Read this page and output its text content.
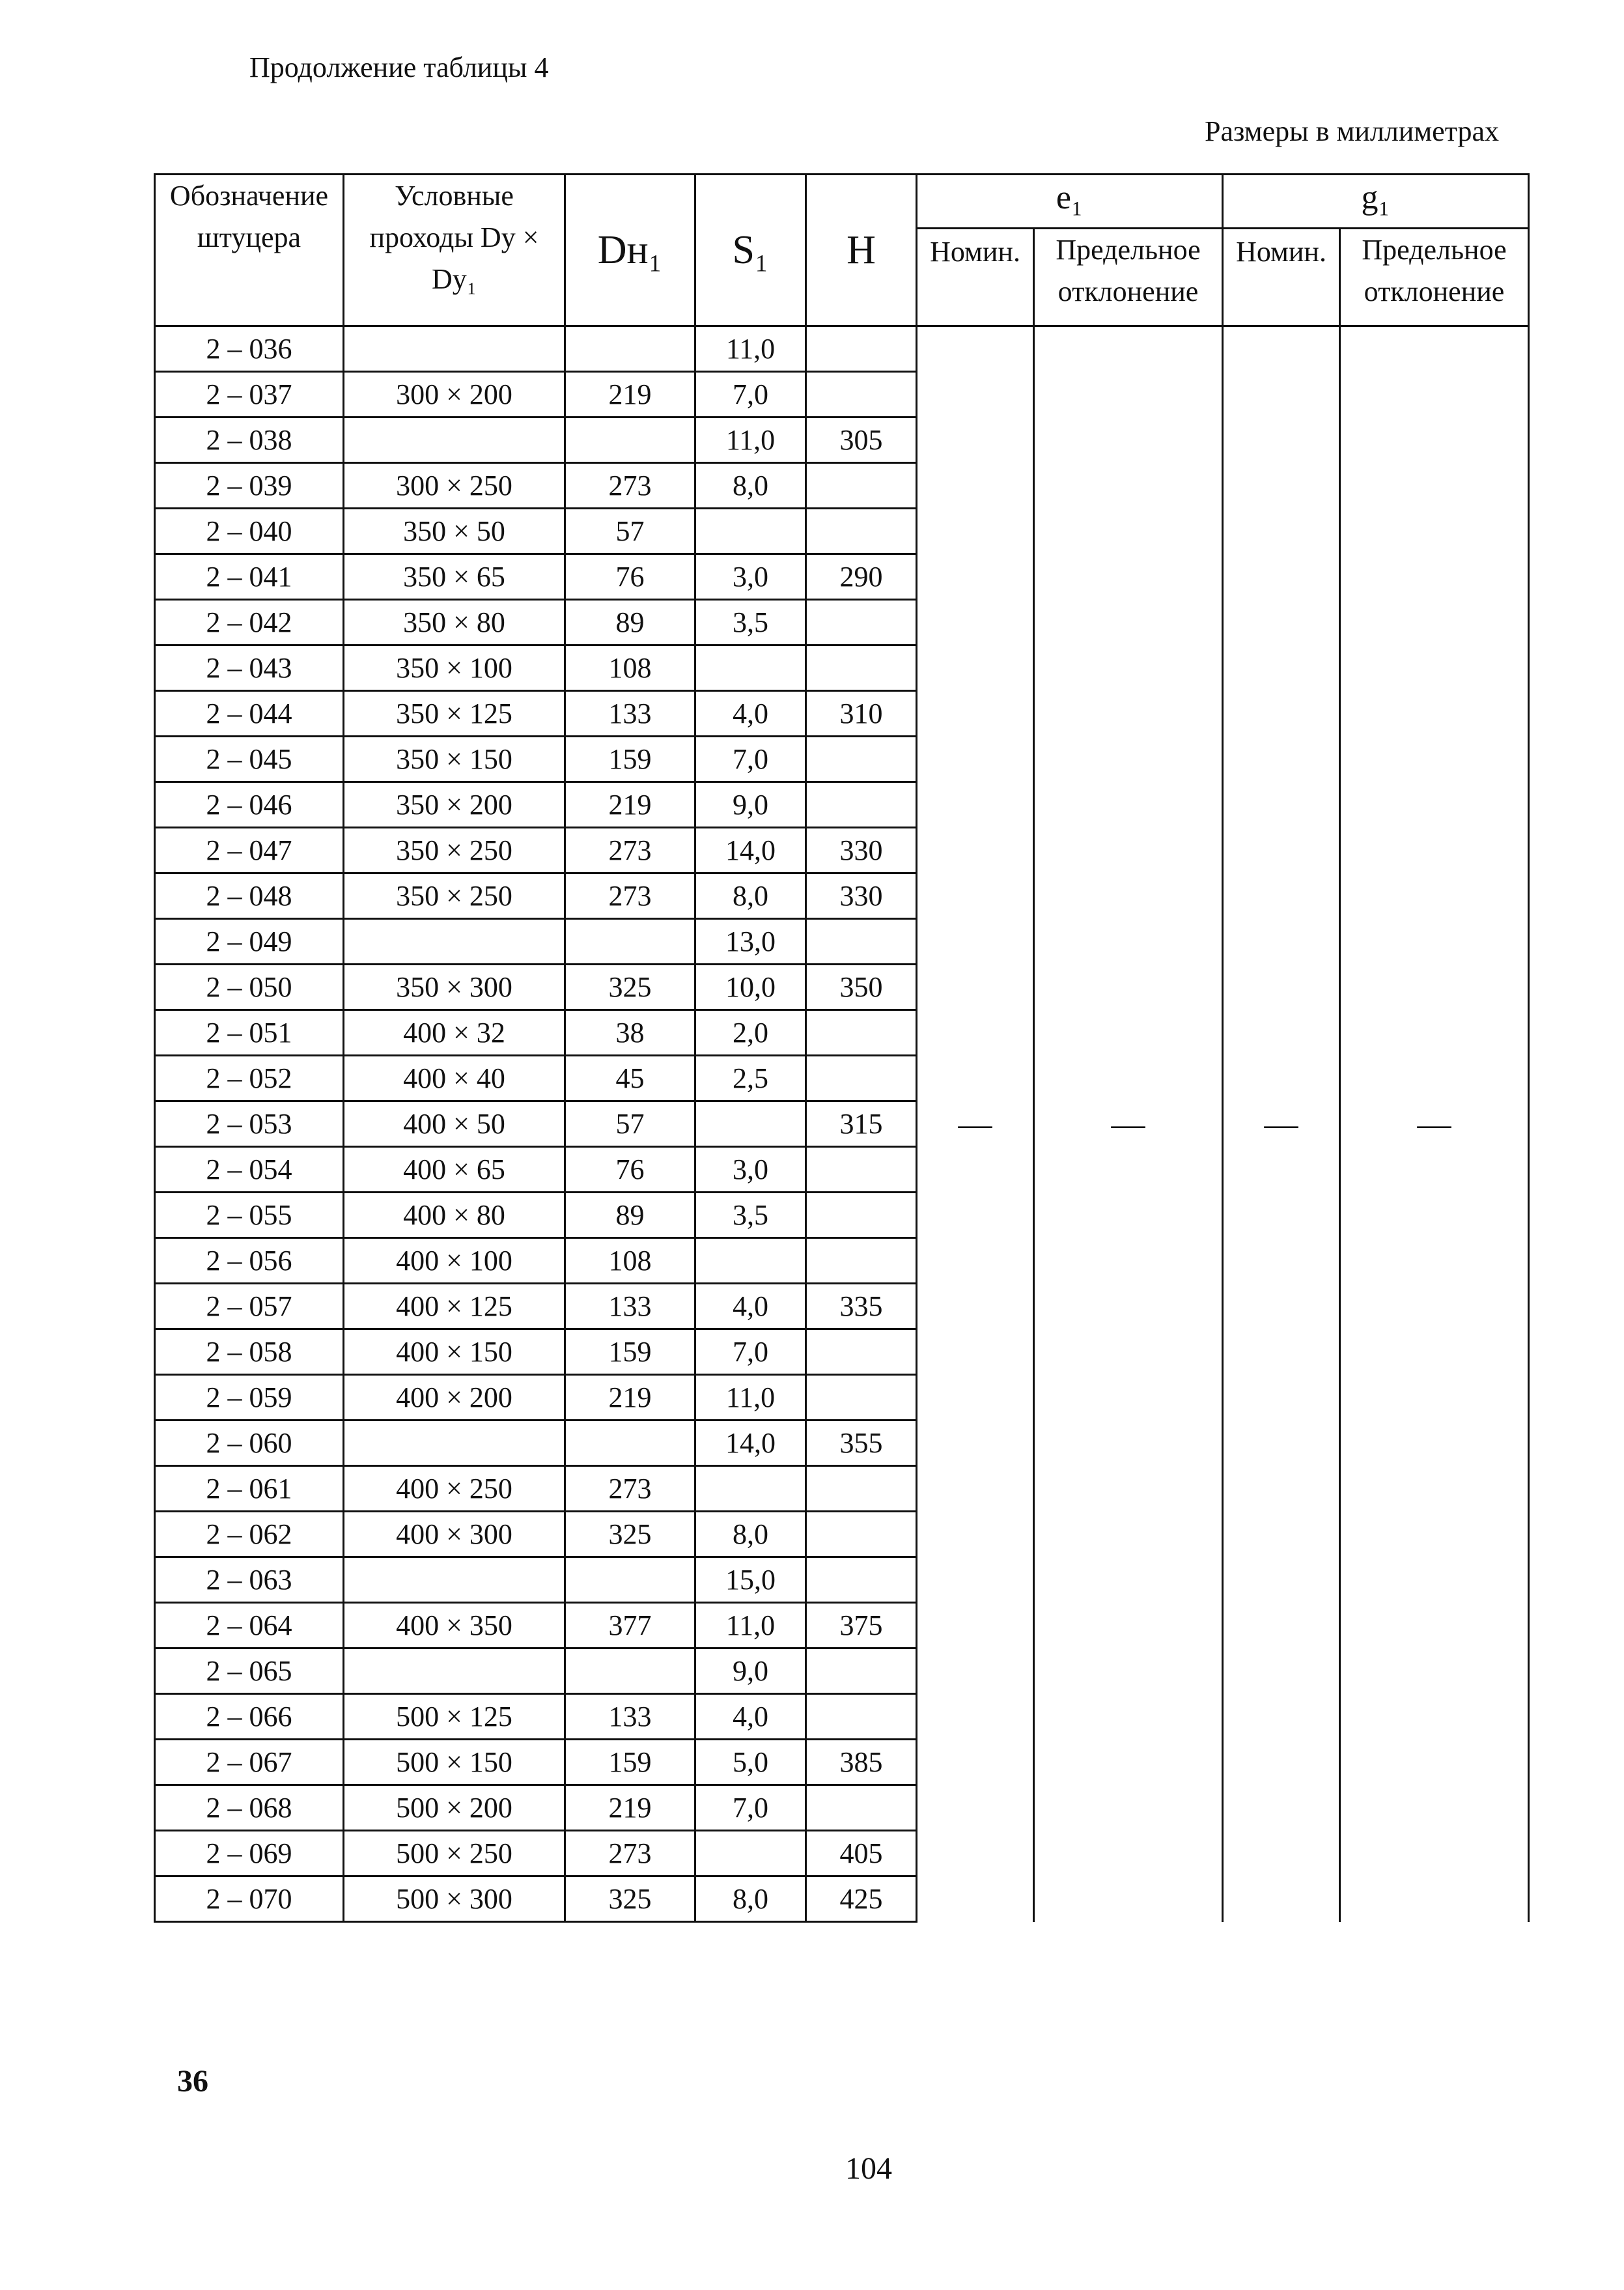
Продолжение таблицы 4
Размеры в миллиметрах
Обозначение штуцера	Условные проходы Dy × Dy₁	Dн₁	S₁	H	e₁		g₁	
					Номин.	Предельное отклонение	Номин.	Предельное отклонение
2 – 036			11,0		—	—	—	—
2 – 037	300 × 200	219	7,0					
2 – 038			11,0	305				
2 – 039	300 × 250	273	8,0					
2 – 040	350 × 50	57						
2 – 041	350 × 65	76	3,0	290				
2 – 042	350 × 80	89	3,5					
2 – 043	350 × 100	108						
2 – 044	350 × 125	133	4,0	310				
2 – 045	350 × 150	159	7,0					
2 – 046	350 × 200	219	9,0					
2 – 047	350 × 250	273	14,0	330				
2 – 048	350 × 250	273	8,0	330				
2 – 049			13,0					
2 – 050	350 × 300	325	10,0	350				
2 – 051	400 × 32	38	2,0					
2 – 052	400 × 40	45	2,5					
2 – 053	400 × 50	57		315				
2 – 054	400 × 65	76	3,0					
2 – 055	400 × 80	89	3,5					
2 – 056	400 × 100	108						
2 – 057	400 × 125	133	4,0	335				
2 – 058	400 × 150	159	7,0					
2 – 059	400 × 200	219	11,0					
2 – 060			14,0	355				
2 – 061	400 × 250	273						
2 – 062	400 × 300	325	8,0					
2 – 063			15,0					
2 – 064	400 × 350	377	11,0	375				
2 – 065			9,0					
2 – 066	500 × 125	133	4,0					
2 – 067	500 × 150	159	5,0	385				
2 – 068	500 × 200	219	7,0					
2 – 069	500 × 250	273		405				
2 – 070	500 × 300	325	8,0	425				
36
104
